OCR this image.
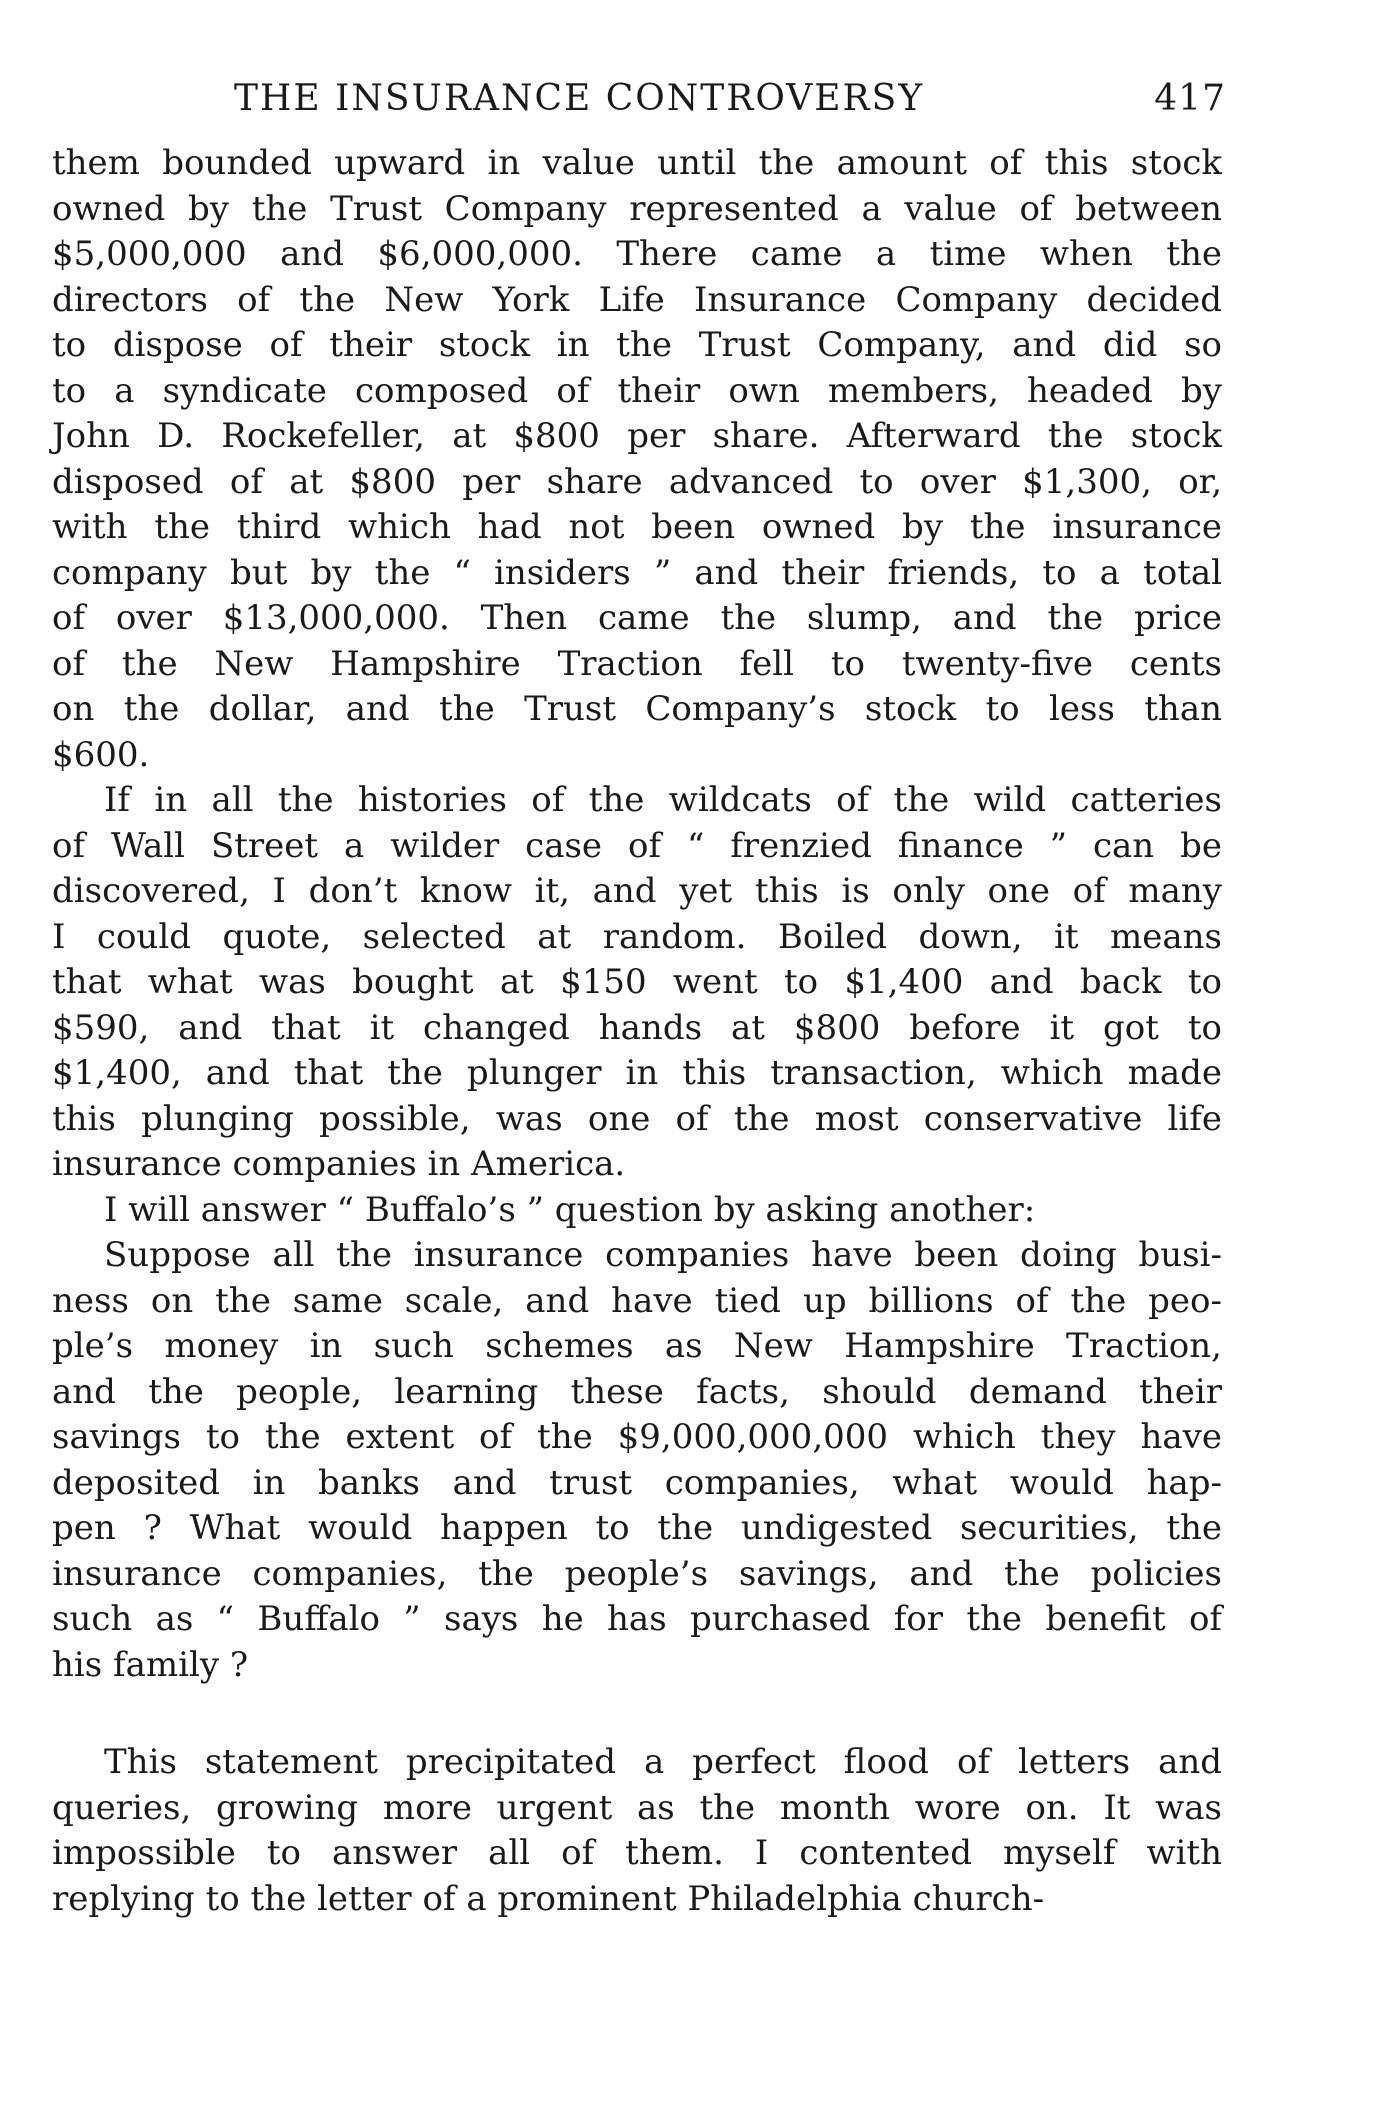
THE INSURANCE CONTROVERSY	417
them bounded upward in value until the amount of this stock
owned by the Trust Company represented a value of between
$5,000,000 and $6,000,000. There came a time when the
directors of the New York Life Insurance Company decided
to dispose of their stock in the Trust Company, and did so
to a syndicate composed of their own members, headed by
John D. Rockefeller, at $800 per share. Afterward the stock
disposed of at $800 per share advanced to over $1,300, or,
with the third which had not been owned by the insurance
company but by the “ insiders ” and their friends, to a total
of over $13,000,000. Then came the slump, and the price
of the New Hampshire Traction fell to twenty-five cents
on the dollar, and the Trust Company’s stock to less than
$600.
If in all the histories of the wildcats of the wild catteries
of Wall Street a wilder case of “ frenzied finance ” can be
discovered, I don’t know it, and yet this is only one of many
I could quote, selected at random. Boiled down, it means
that what was bought at $150 went to $1,400 and back to
$590, and that it changed hands at $800 before it got to
$1,400, and that the plunger in this transaction, which made
this plunging possible, was one of the most conservative life
insurance companies in America.
I will answer “ Buffalo’s ” question by asking another:
Suppose all the insurance companies have been doing busi-
ness on the same scale, and have tied up billions of the peo-
ple’s money in such schemes as New Hampshire Traction,
and the people, learning these facts, should demand their
savings to the extent of the $9,000,000,000 which they have
deposited in banks and trust companies, what would hap-
pen ? What would happen to the undigested securities, the
insurance companies, the people’s savings, and the policies
such as “ Buffalo ” says he has purchased for the benefit of
his family ?
This statement precipitated a perfect flood of letters and
queries, growing more urgent as the month wore on. It was
impossible to answer all of them. I contented myself with
replying to the letter of a prominent Philadelphia church-
